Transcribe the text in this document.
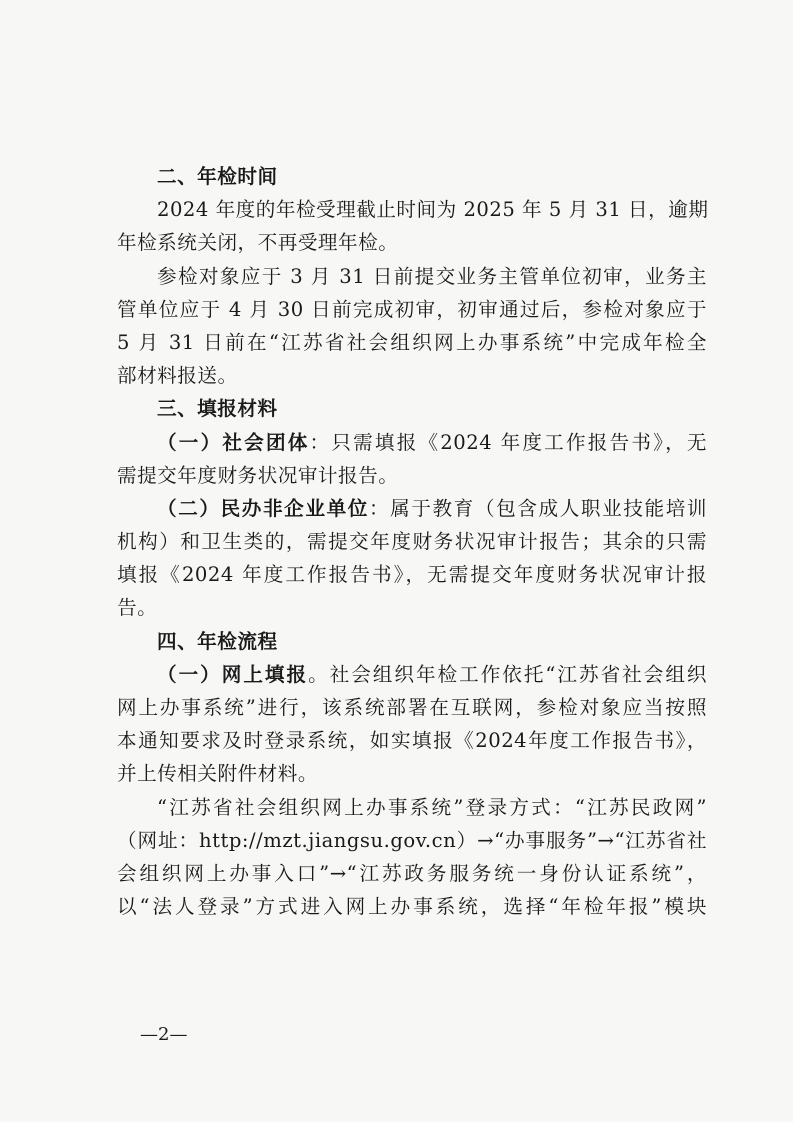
二、年检时间
2024 年度的年检受理截止时间为 2025 年 5 月 31 日，逾期
年检系统关闭，不再受理年检。
参检对象应于 3 月 31 日前提交业务主管单位初审，业务主
管单位应于 4 月 30 日前完成初审，初审通过后，参检对象应于
5 月 31 日前在“江苏省社会组织网上办事系统”中完成年检全
部材料报送。
三、填报材料
（一）社会团体：只需填报《2024 年度工作报告书》，无
需提交年度财务状况审计报告。
（二）民办非企业单位：属于教育（包含成人职业技能培训
机构）和卫生类的，需提交年度财务状况审计报告；其余的只需
填报《2024 年度工作报告书》，无需提交年度财务状况审计报
告。
四、年检流程
（一）网上填报。社会组织年检工作依托“江苏省社会组织
网上办事系统”进行，该系统部署在互联网，参检对象应当按照
本通知要求及时登录系统，如实填报《2024年度工作报告书》，
并上传相关附件材料。
“江苏省社会组织网上办事系统”登录方式：“江苏民政网”
（网址：http://mzt.jiangsu.gov.cn）→“办事服务”→“江苏省社
会组织网上办事入口”→“江苏政务服务统一身份认证系统”，
以“法人登录”方式进入网上办事系统，选择“年检年报”模块
—2—
